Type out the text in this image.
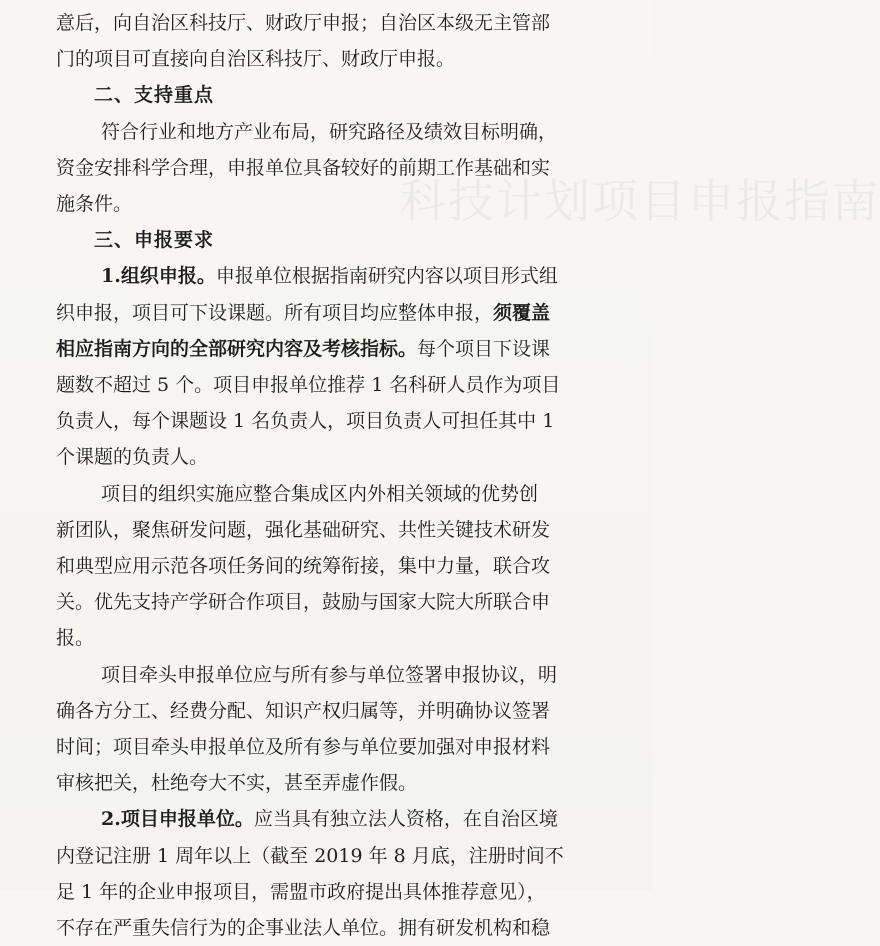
科技计划项目申报指南
意后，向自治区科技厅、财政厅申报；自治区本级无主管部
门的项目可直接向自治区科技厅、财政厅申报。
二、支持重点
符合行业和地方产业布局，研究路径及绩效目标明确，
资金安排科学合理，申报单位具备较好的前期工作基础和实
施条件。
三、申报要求
1.组织申报。申报单位根据指南研究内容以项目形式组
织申报，项目可下设课题。所有项目均应整体申报，须覆盖
相应指南方向的全部研究内容及考核指标。每个项目下设课
题数不超过 5 个。项目申报单位推荐 1 名科研人员作为项目
负责人，每个课题设 1 名负责人，项目负责人可担任其中 1
个课题的负责人。
项目的组织实施应整合集成区内外相关领域的优势创
新团队，聚焦研发问题，强化基础研究、共性关键技术研发
和典型应用示范各项任务间的统筹衔接，集中力量，联合攻
关。优先支持产学研合作项目，鼓励与国家大院大所联合申
报。
项目牵头申报单位应与所有参与单位签署申报协议，明
确各方分工、经费分配、知识产权归属等，并明确协议签署
时间；项目牵头申报单位及所有参与单位要加强对申报材料
审核把关，杜绝夸大不实，甚至弄虚作假。
2.项目申报单位。应当具有独立法人资格，在自治区境
内登记注册 1 周年以上（截至 2019 年 8 月底，注册时间不
足 1 年的企业申报项目，需盟市政府提出具体推荐意见），
不存在严重失信行为的企事业法人单位。拥有研发机构和稳
